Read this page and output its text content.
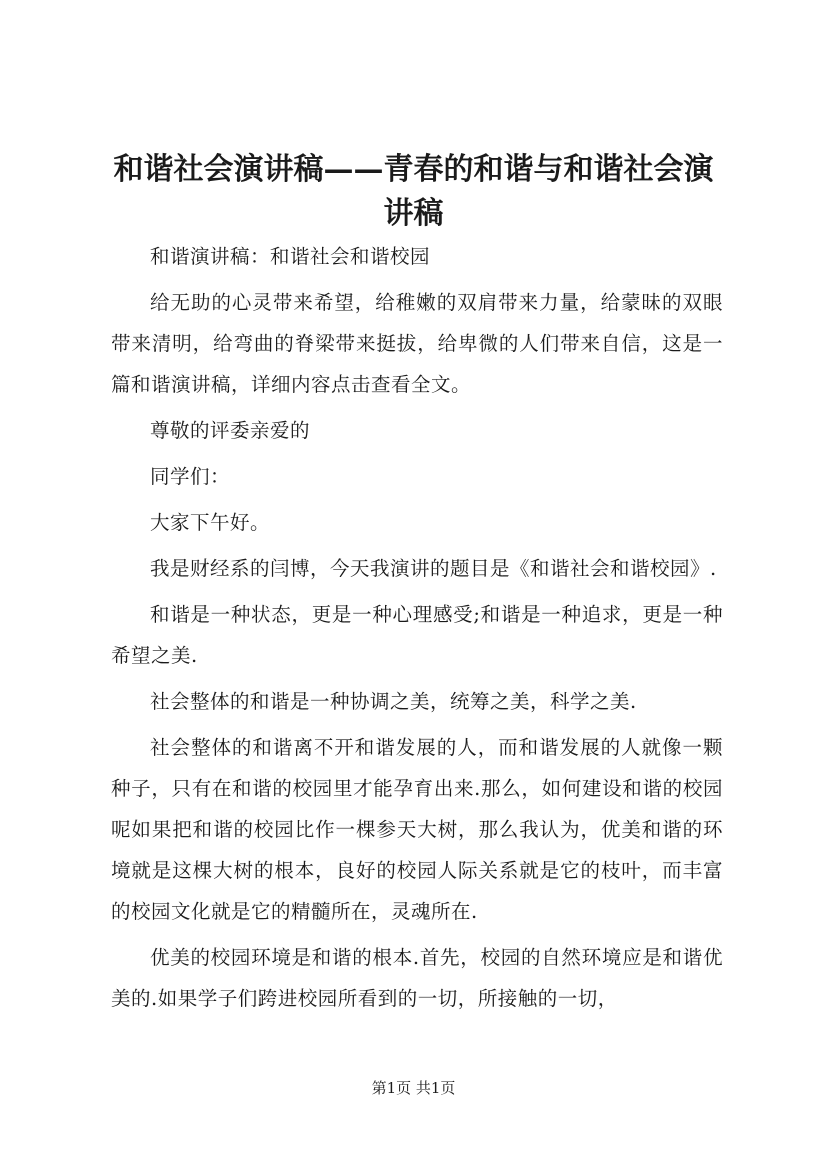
和谐社会演讲稿——青春的和谐与和谐社会演讲稿

和谐演讲稿：和谐社会和谐校园

给无助的心灵带来希望，给稚嫩的双肩带来力量，给蒙昧的双眼带来清明，给弯曲的脊梁带来挺拔，给卑微的人们带来自信，这是一篇和谐演讲稿，详细内容点击查看全文。

尊敬的评委亲爱的

同学们：

大家下午好。

我是财经系的闫博，今天我演讲的题目是《和谐社会和谐校园》.

和谐是一种状态，更是一种心理感受;和谐是一种追求，更是一种希望之美.

社会整体的和谐是一种协调之美，统筹之美，科学之美.

社会整体的和谐离不开和谐发展的人，而和谐发展的人就像一颗种子，只有在和谐的校园里才能孕育出来.那么，如何建设和谐的校园呢如果把和谐的校园比作一棵参天大树，那么我认为，优美和谐的环境就是这棵大树的根本，良好的校园人际关系就是它的枝叶，而丰富的校园文化就是它的精髓所在，灵魂所在.

优美的校园环境是和谐的根本.首先，校园的自然环境应是和谐优美的.如果学子们跨进校园所看到的一切，所接触的一切，

第1页 共1页
